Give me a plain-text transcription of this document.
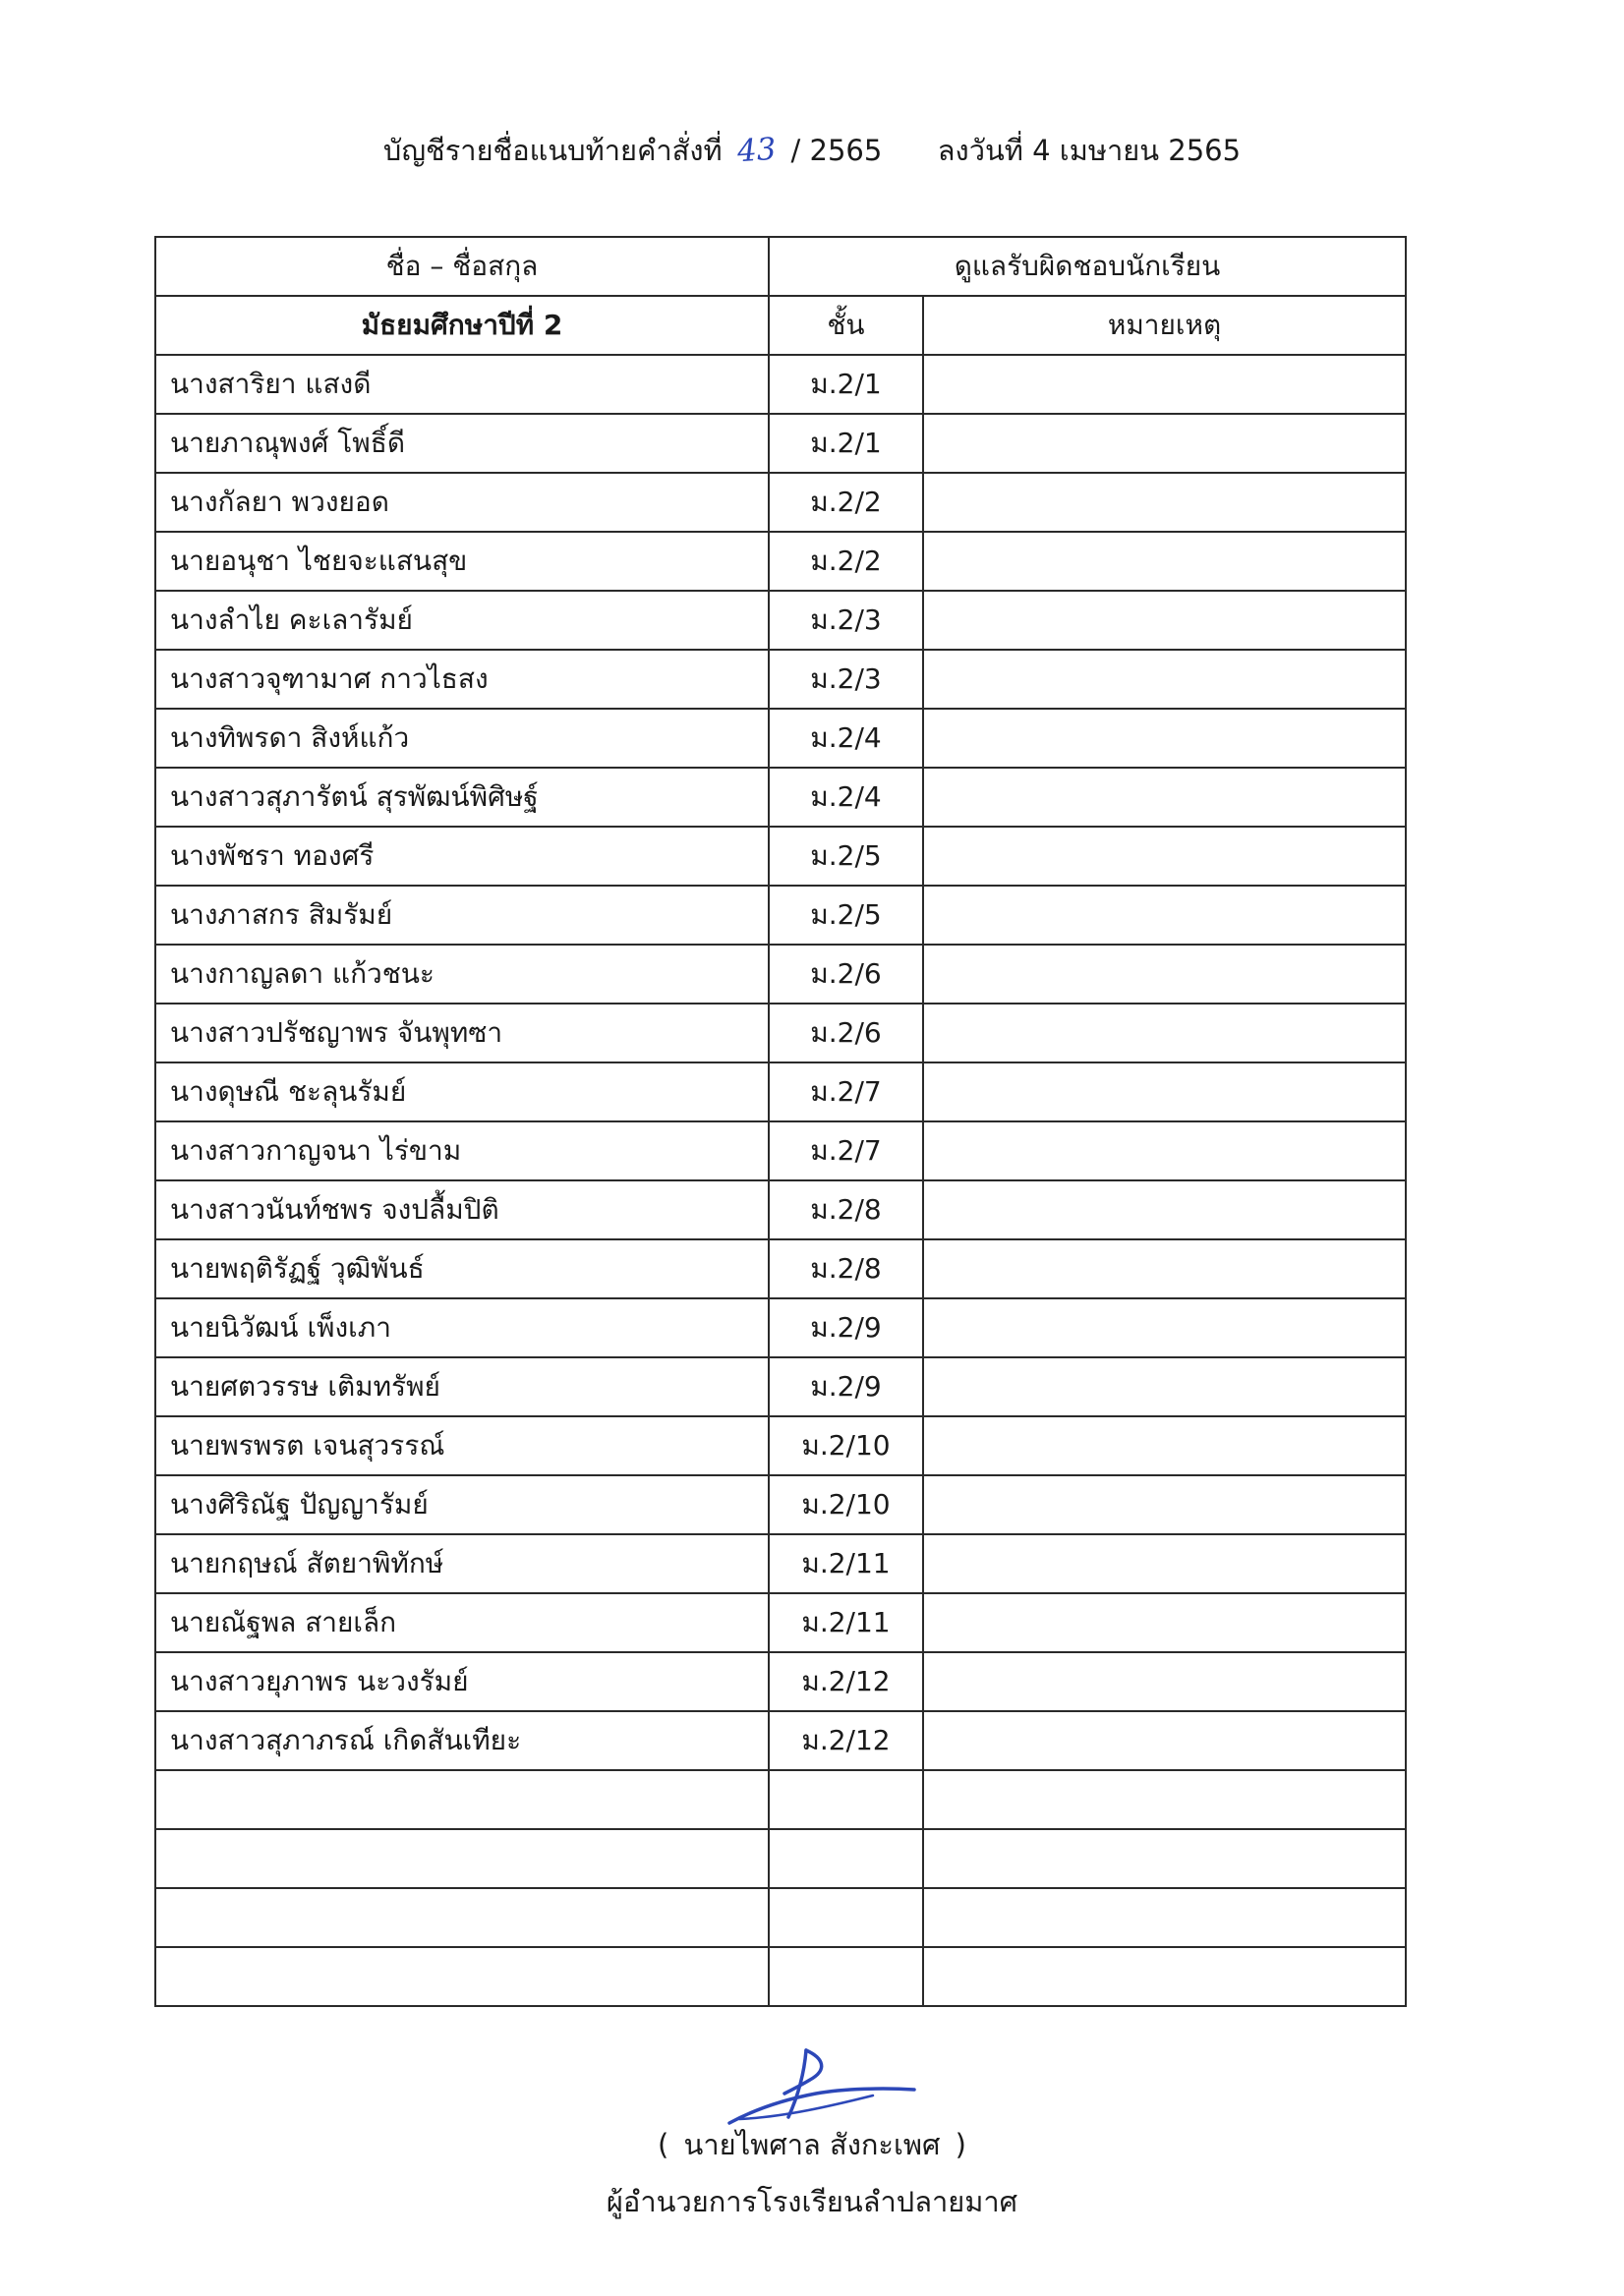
บัญชีรายชื่อแนบท้ายคำสั่งที่ 43 / 2565 ลงวันที่ 4 เมษายน 2565
ชื่อ – ชื่อสกุล	ดูแลรับผิดชอบนักเรียน	
มัธยมศึกษาปีที่ 2	ชั้น	หมายเหตุ
นางสาริยา แสงดี	ม.2/1	
นายภาณุพงศ์ โพธิ์ดี	ม.2/1	
นางกัลยา พวงยอด	ม.2/2	
นายอนุชา ไชยจะแสนสุข	ม.2/2	
นางลำไย คะเลารัมย์	ม.2/3	
นางสาวจุฑามาศ กาวไธสง	ม.2/3	
นางทิพรดา สิงห์แก้ว	ม.2/4	
นางสาวสุภารัตน์ สุรพัฒน์พิศิษฐ์	ม.2/4	
นางพัชรา ทองศรี	ม.2/5	
นางภาสกร สิมรัมย์	ม.2/5	
นางกาญลดา แก้วชนะ	ม.2/6	
นางสาวปรัชญาพร จันพุทซา	ม.2/6	
นางดุษณี ชะลุนรัมย์	ม.2/7	
นางสาวกาญจนา ไร่ขาม	ม.2/7	
นางสาวนันท์ชพร จงปลื้มปิติ	ม.2/8	
นายพฤติรัฏฐ์ วุฒิพันธ์	ม.2/8	
นายนิวัฒน์ เพ็งเภา	ม.2/9	
นายศตวรรษ เติมทรัพย์	ม.2/9	
นายพรพรต เจนสุวรรณ์	ม.2/10	
นางศิริณัฐ ปัญญารัมย์	ม.2/10	
นายกฤษณ์ สัตยาพิทักษ์	ม.2/11	
นายณัฐพล สายเล็ก	ม.2/11	
นางสาวยุภาพร นะวงรัมย์	ม.2/12	
นางสาวสุภาภรณ์ เกิดสันเทียะ	ม.2/12	

( นายไพศาล สังกะเพศ )
ผู้อำนวยการโรงเรียนลำปลายมาศ
